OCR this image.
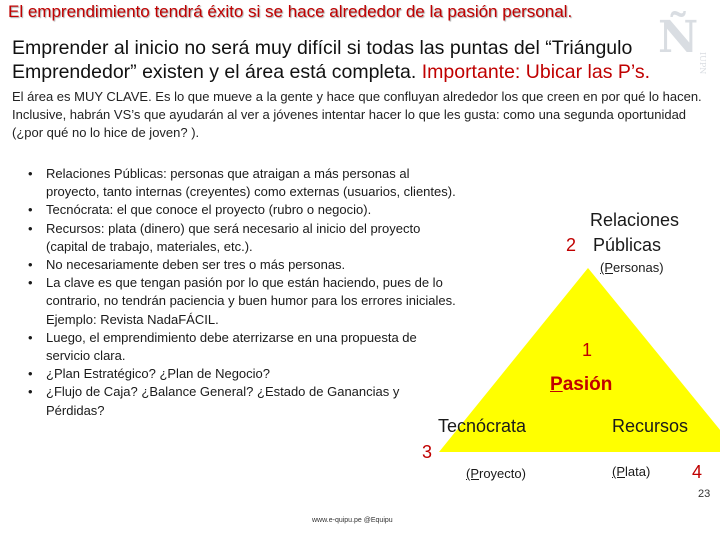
El emprendimiento tendrá éxito si se hace alrededor de la pasión personal.
Ñ
IUPN
Emprender al inicio no será muy difícil si todas las puntas del “Triángulo Emprendedor” existen y el área está completa. Importante: Ubicar las P’s.
El área es MUY CLAVE. Es lo que mueve a la gente y hace que confluyan alrededor los que creen en por qué lo hacen. Inclusive, habrán VS’s que ayudarán al ver a jóvenes intentar hacer lo que les gusta: como una segunda oportunidad (¿por qué no lo hice de joven? ).
• Relaciones Públicas: personas que atraigan a más personas al proyecto, tanto internas (creyentes) como externas (usuarios, clientes).
• Tecnócrata: el que conoce el proyecto (rubro o negocio).
• Recursos: plata (dinero) que será necesario al inicio del proyecto (capital de trabajo, materiales, etc.).
• No necesariamente deben ser tres o más personas.
• La clave es que tengan pasión por lo que están haciendo, pues de lo contrario, no tendrán paciencia y buen humor para los errores iniciales. Ejemplo: Revista NadaFÁCIL.
• Luego, el emprendimiento debe aterrizarse en una propuesta de servicio clara.
• ¿Plan Estratégico? ¿Plan de Negocio?
• ¿Flujo de Caja? ¿Balance General? ¿Estado de Ganancias y Pérdidas?
Relaciones
2 Públicas
(Personas)
1
Pasión
Tecnócrata
3
(Proyecto)
Recursos
(Plata) 4
www.e-quipu.pe @Equipu
23
